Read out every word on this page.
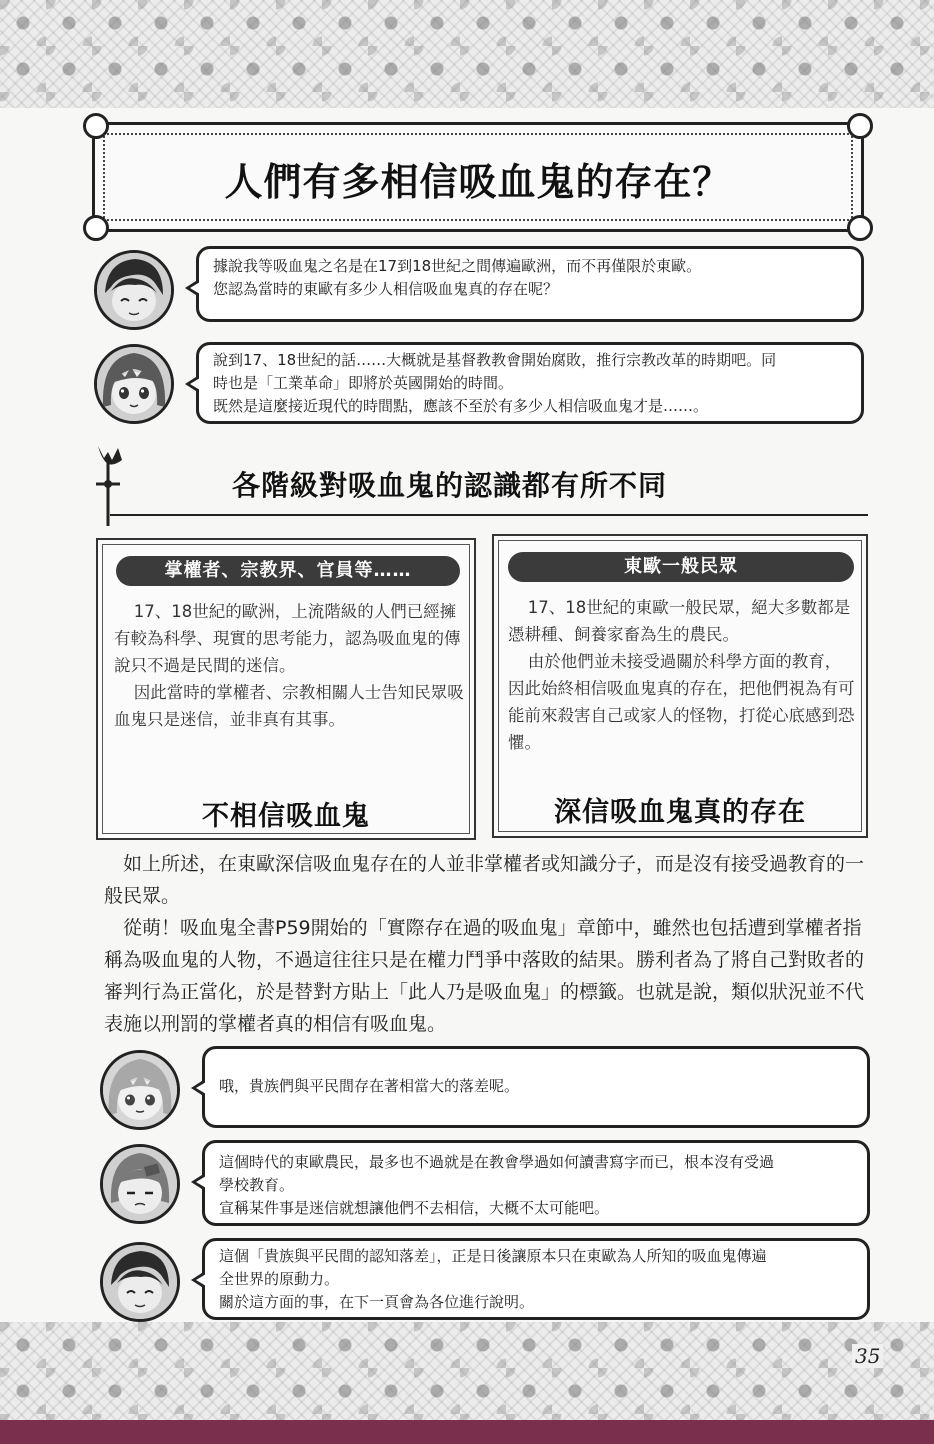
人們有多相信吸血鬼的存在？

據說我等吸血鬼之名是在17到18世紀之間傳遍歐洲，而不再僅限於東歐。

您認為當時的東歐有多少人相信吸血鬼真的存在呢？

說到17、18世紀的話……大概就是基督教教會開始腐敗，推行宗教改革的時期吧。同

時也是「工業革命」即將於英國開始的時間。

既然是這麼接近現代的時間點，應該不至於有多少人相信吸血鬼才是……。

各階級對吸血鬼的認識都有所不同
掌權者、宗教界、官員等……

17、18世紀的歐洲，上流階級的人們已經擁有較為科學、現實的思考能力，認為吸血鬼的傳說只不過是民間的迷信。

因此當時的掌權者、宗教相關人士告知民眾吸血鬼只是迷信，並非真有其事。

不相信吸血鬼
東歐一般民眾

17、18世紀的東歐一般民眾，絕大多數都是憑耕種、飼養家畜為生的農民。

由於他們並未接受過關於科學方面的教育，因此始終相信吸血鬼真的存在，把他們視為有可能前來殺害自己或家人的怪物，打從心底感到恐懼。

深信吸血鬼真的存在

如上所述，在東歐深信吸血鬼存在的人並非掌權者或知識分子，而是沒有接受過教育的一般民眾。

從萌！吸血鬼全書P59開始的「實際存在過的吸血鬼」章節中，雖然也包括遭到掌權者指稱為吸血鬼的人物，不過這往往只是在權力鬥爭中落敗的結果。勝利者為了將自己對敗者的審判行為正當化，於是替對方貼上「此人乃是吸血鬼」的標籤。也就是說，類似狀況並不代表施以刑罰的掌權者真的相信有吸血鬼。

哦，貴族們與平民間存在著相當大的落差呢。

這個時代的東歐農民，最多也不過就是在教會學過如何讀書寫字而已，根本沒有受過

學校教育。

宣稱某件事是迷信就想讓他們不去相信，大概不太可能吧。

這個「貴族與平民間的認知落差」，正是日後讓原本只在東歐為人所知的吸血鬼傳遍

全世界的原動力。

關於這方面的事，在下一頁會為各位進行說明。

35
